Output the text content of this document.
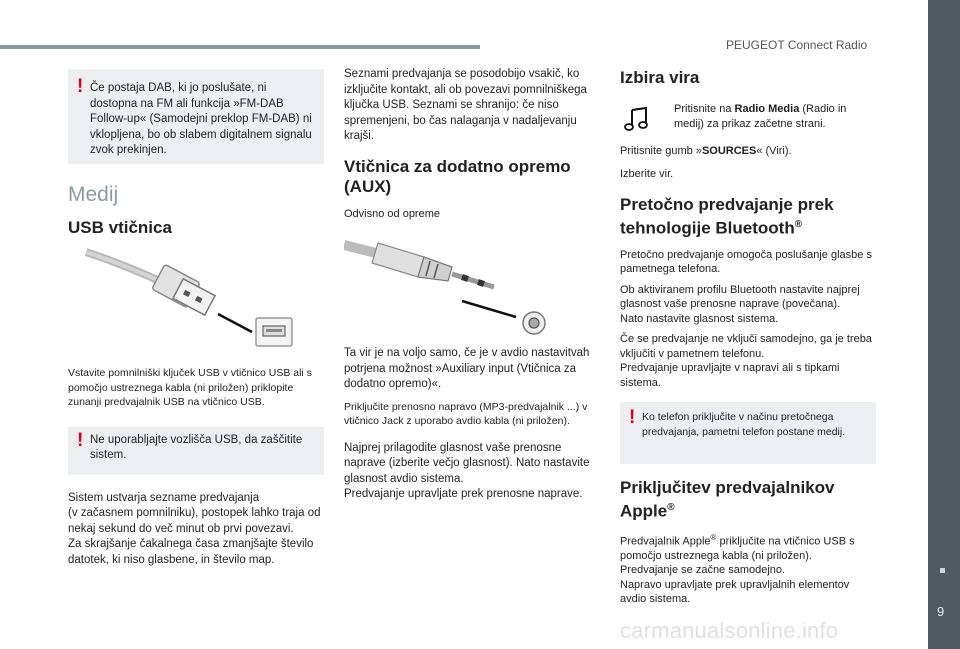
PEUGEOT Connect Radio
9
carmanualsonline.info
! Če postaja DAB, ki jo poslušate, ni dostopna na FM ali funkcija »FM-DAB Follow-up« (Samodejni preklop FM-DAB) ni vklopljena, bo ob slabem digitalnem signalu zvok prekinjen.
Medij
USB vtičnica

Vstavite pomnilniški ključek USB v vtičnico USB ali s pomočjo ustreznega kabla (ni priložen) priklopite zunanji predvajalnik USB na vtičnico USB.

! Ne uporabljajte vozlišča USB, da zaščitite sistem.

Sistem ustvarja sezname predvajanja
(v začasnem pomnilniku), postopek lahko traja od nekaj sekund do več minut ob prvi povezavi.
Za skrajšanje čakalnega časa zmanjšajte število datotek, ki niso glasbene, in število map.

Seznami predvajanja se posodobijo vsakič, ko izključite kontakt, ali ob povezavi pomnilniškega ključka USB. Seznami se shranijo: če niso spremenjeni, bo čas nalaganja v nadaljevanju krajši.

Vtičnica za dodatno opremo (AUX)

Odvisno od opreme

Ta vir je na voljo samo, če je v avdio nastavitvah potrjena možnost »Auxiliary input (Vtičnica za dodatno opremo)«.

Priključite prenosno napravo (MP3-predvajalnik ...) v vtičnico Jack z uporabo avdio kabla (ni priložen).

Najprej prilagodite glasnost vaše prenosne naprave (izberite večjo glasnost). Nato nastavite glasnost avdio sistema.
Predvajanje upravljate prek prenosne naprave.

Izbira vira

Pritisnite na Radio Media (Radio in medij) za prikaz začetne strani.

Pritisnite gumb »SOURCES« (Viri).

Izberite vir.

Pretočno predvajanje prek tehnologije Bluetooth®

Pretočno predvajanje omogoča poslušanje glasbe s pametnega telefona.

Ob aktiviranem profilu Bluetooth nastavite najprej glasnost vaše prenosne naprave (povečana).
Nato nastavite glasnost sistema.

Če se predvajanje ne vključi samodejno, ga je treba vključiti v pametnem telefonu.
Predvajanje upravljajte v napravi ali s tipkami sistema.

! Ko telefon priključite v načinu pretočnega predvajanja, pametni telefon postane medij.
Priključitev predvajalnikov Apple®

Predvajalnik Apple® priključite na vtičnico USB s pomočjo ustreznega kabla (ni priložen).
Predvajanje se začne samodejno.
Napravo upravljate prek upravljalnih elementov avdio sistema.
